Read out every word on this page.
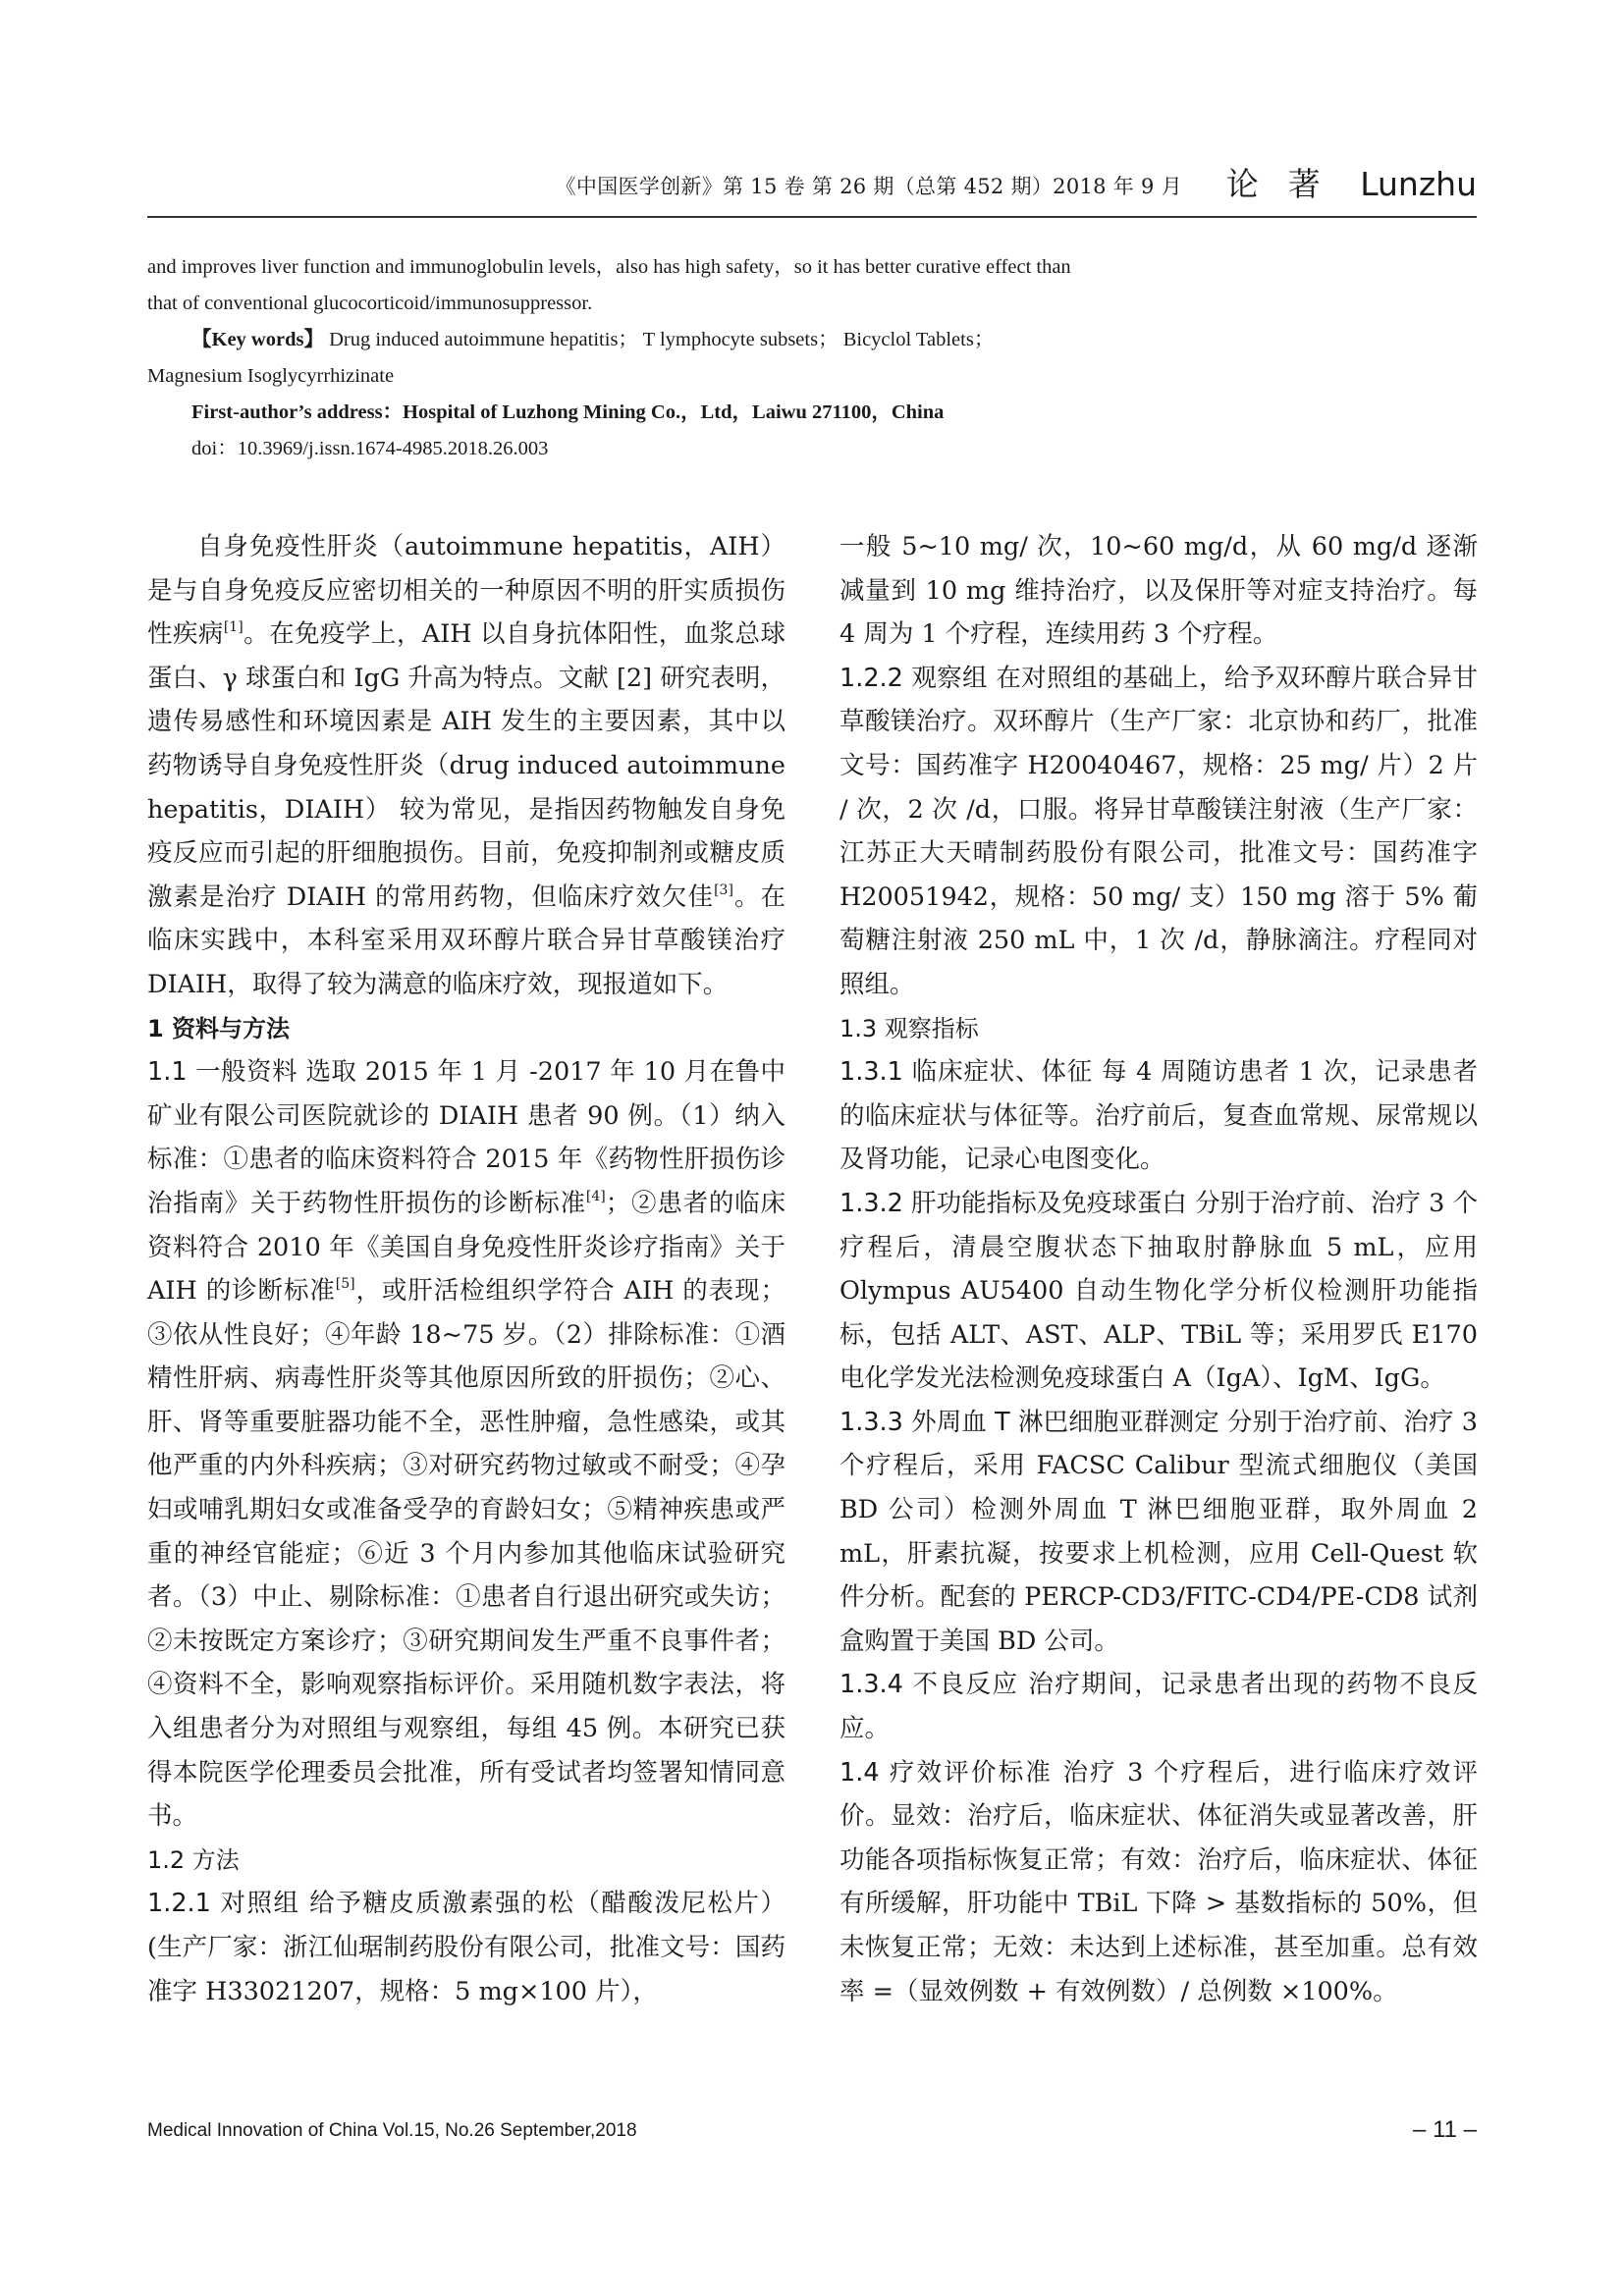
《中国医学创新》第 15 卷 第 26 期（总第 452 期）2018 年 9 月 论著 Lunzhu

and improves liver function and immunoglobulin levels，also has high safety，so it has better curative effect than

that of conventional glucocorticoid/immunosuppressor.

【Key words】 Drug induced autoimmune hepatitis； T lymphocyte subsets； Bicyclol Tablets；

Magnesium Isoglycyrrhizinate

First-author’s address：Hospital of Luzhong Mining Co.，Ltd，Laiwu 271100，China

doi：10.3969/j.issn.1674-4985.2018.26.003

自身免疫性肝炎（autoimmune hepatitis，AIH）是与自身免疫反应密切相关的一种原因不明的肝实质损伤性疾病[1]。在免疫学上，AIH 以自身抗体阳性，血浆总球蛋白、γ 球蛋白和 IgG 升高为特点。文献 [2] 研究表明，遗传易感性和环境因素是 AIH 发生的主要因素，其中以药物诱导自身免疫性肝炎（drug induced autoimmune hepatitis，DIAIH） 较为常见，是指因药物触发自身免疫反应而引起的肝细胞损伤。目前，免疫抑制剂或糖皮质激素是治疗 DIAIH 的常用药物，但临床疗效欠佳[3]。在临床实践中，本科室采用双环醇片联合异甘草酸镁治疗 DIAIH，取得了较为满意的临床疗效，现报道如下。

1 资料与方法

1.1 一般资料 选取 2015 年 1 月 -2017 年 10 月在鲁中矿业有限公司医院就诊的 DIAIH 患者 90 例。（1）纳入标准：①患者的临床资料符合 2015 年《药物性肝损伤诊治指南》关于药物性肝损伤的诊断标准[4]；②患者的临床资料符合 2010 年《美国自身免疫性肝炎诊疗指南》关于 AIH 的诊断标准[5]，或肝活检组织学符合 AIH 的表现；③依从性良好；④年龄 18~75 岁。（2）排除标准：①酒精性肝病、病毒性肝炎等其他原因所致的肝损伤；②心、肝、肾等重要脏器功能不全，恶性肿瘤，急性感染，或其他严重的内外科疾病；③对研究药物过敏或不耐受；④孕妇或哺乳期妇女或准备受孕的育龄妇女；⑤精神疾患或严重的神经官能症；⑥近 3 个月内参加其他临床试验研究者。（3）中止、剔除标准：①患者自行退出研究或失访；②未按既定方案诊疗；③研究期间发生严重不良事件者；④资料不全，影响观察指标评价。采用随机数字表法，将入组患者分为对照组与观察组，每组 45 例。本研究已获得本院医学伦理委员会批准，所有受试者均签署知情同意书。

1.2 方法

1.2.1 对照组 给予糖皮质激素强的松（醋酸泼尼松片）(生产厂家：浙江仙琚制药股份有限公司，批准文号：国药准字 H33021207，规格：5 mg×100 片），

一般 5~10 mg/ 次，10~60 mg/d，从 60 mg/d 逐渐减量到 10 mg 维持治疗，以及保肝等对症支持治疗。每 4 周为 1 个疗程，连续用药 3 个疗程。

1.2.2 观察组 在对照组的基础上，给予双环醇片联合异甘草酸镁治疗。双环醇片（生产厂家：北京协和药厂，批准文号：国药准字 H20040467，规格：25 mg/ 片）2 片 / 次，2 次 /d，口服。将异甘草酸镁注射液（生产厂家：江苏正大天晴制药股份有限公司，批准文号：国药准字 H20051942，规格：50 mg/ 支）150 mg 溶于 5% 葡萄糖注射液 250 mL 中，1 次 /d，静脉滴注。疗程同对照组。

1.3 观察指标

1.3.1 临床症状、体征 每 4 周随访患者 1 次，记录患者的临床症状与体征等。治疗前后，复查血常规、尿常规以及肾功能，记录心电图变化。

1.3.2 肝功能指标及免疫球蛋白 分别于治疗前、治疗 3 个疗程后，清晨空腹状态下抽取肘静脉血 5 mL，应用 Olympus AU5400 自动生物化学分析仪检测肝功能指标，包括 ALT、AST、ALP、TBiL 等；采用罗氏 E170 电化学发光法检测免疫球蛋白 A（IgA）、IgM、IgG。

1.3.3 外周血 T 淋巴细胞亚群测定 分别于治疗前、治疗 3 个疗程后，采用 FACSC Calibur 型流式细胞仪（美国 BD 公司）检测外周血 T 淋巴细胞亚群，取外周血 2 mL，肝素抗凝，按要求上机检测，应用 Cell-Quest 软件分析。配套的 PERCP-CD3/FITC-CD4/PE-CD8 试剂盒购置于美国 BD 公司。

1.3.4 不良反应 治疗期间，记录患者出现的药物不良反应。

1.4 疗效评价标准 治疗 3 个疗程后，进行临床疗效评价。显效：治疗后，临床症状、体征消失或显著改善，肝功能各项指标恢复正常；有效：治疗后，临床症状、体征有所缓解，肝功能中 TBiL 下降 > 基数指标的 50%，但未恢复正常；无效：未达到上述标准，甚至加重。总有效率 =（显效例数 + 有效例数）/ 总例数 ×100%。

Medical Innovation of China Vol.15, No.26 September,2018	– 11 –
